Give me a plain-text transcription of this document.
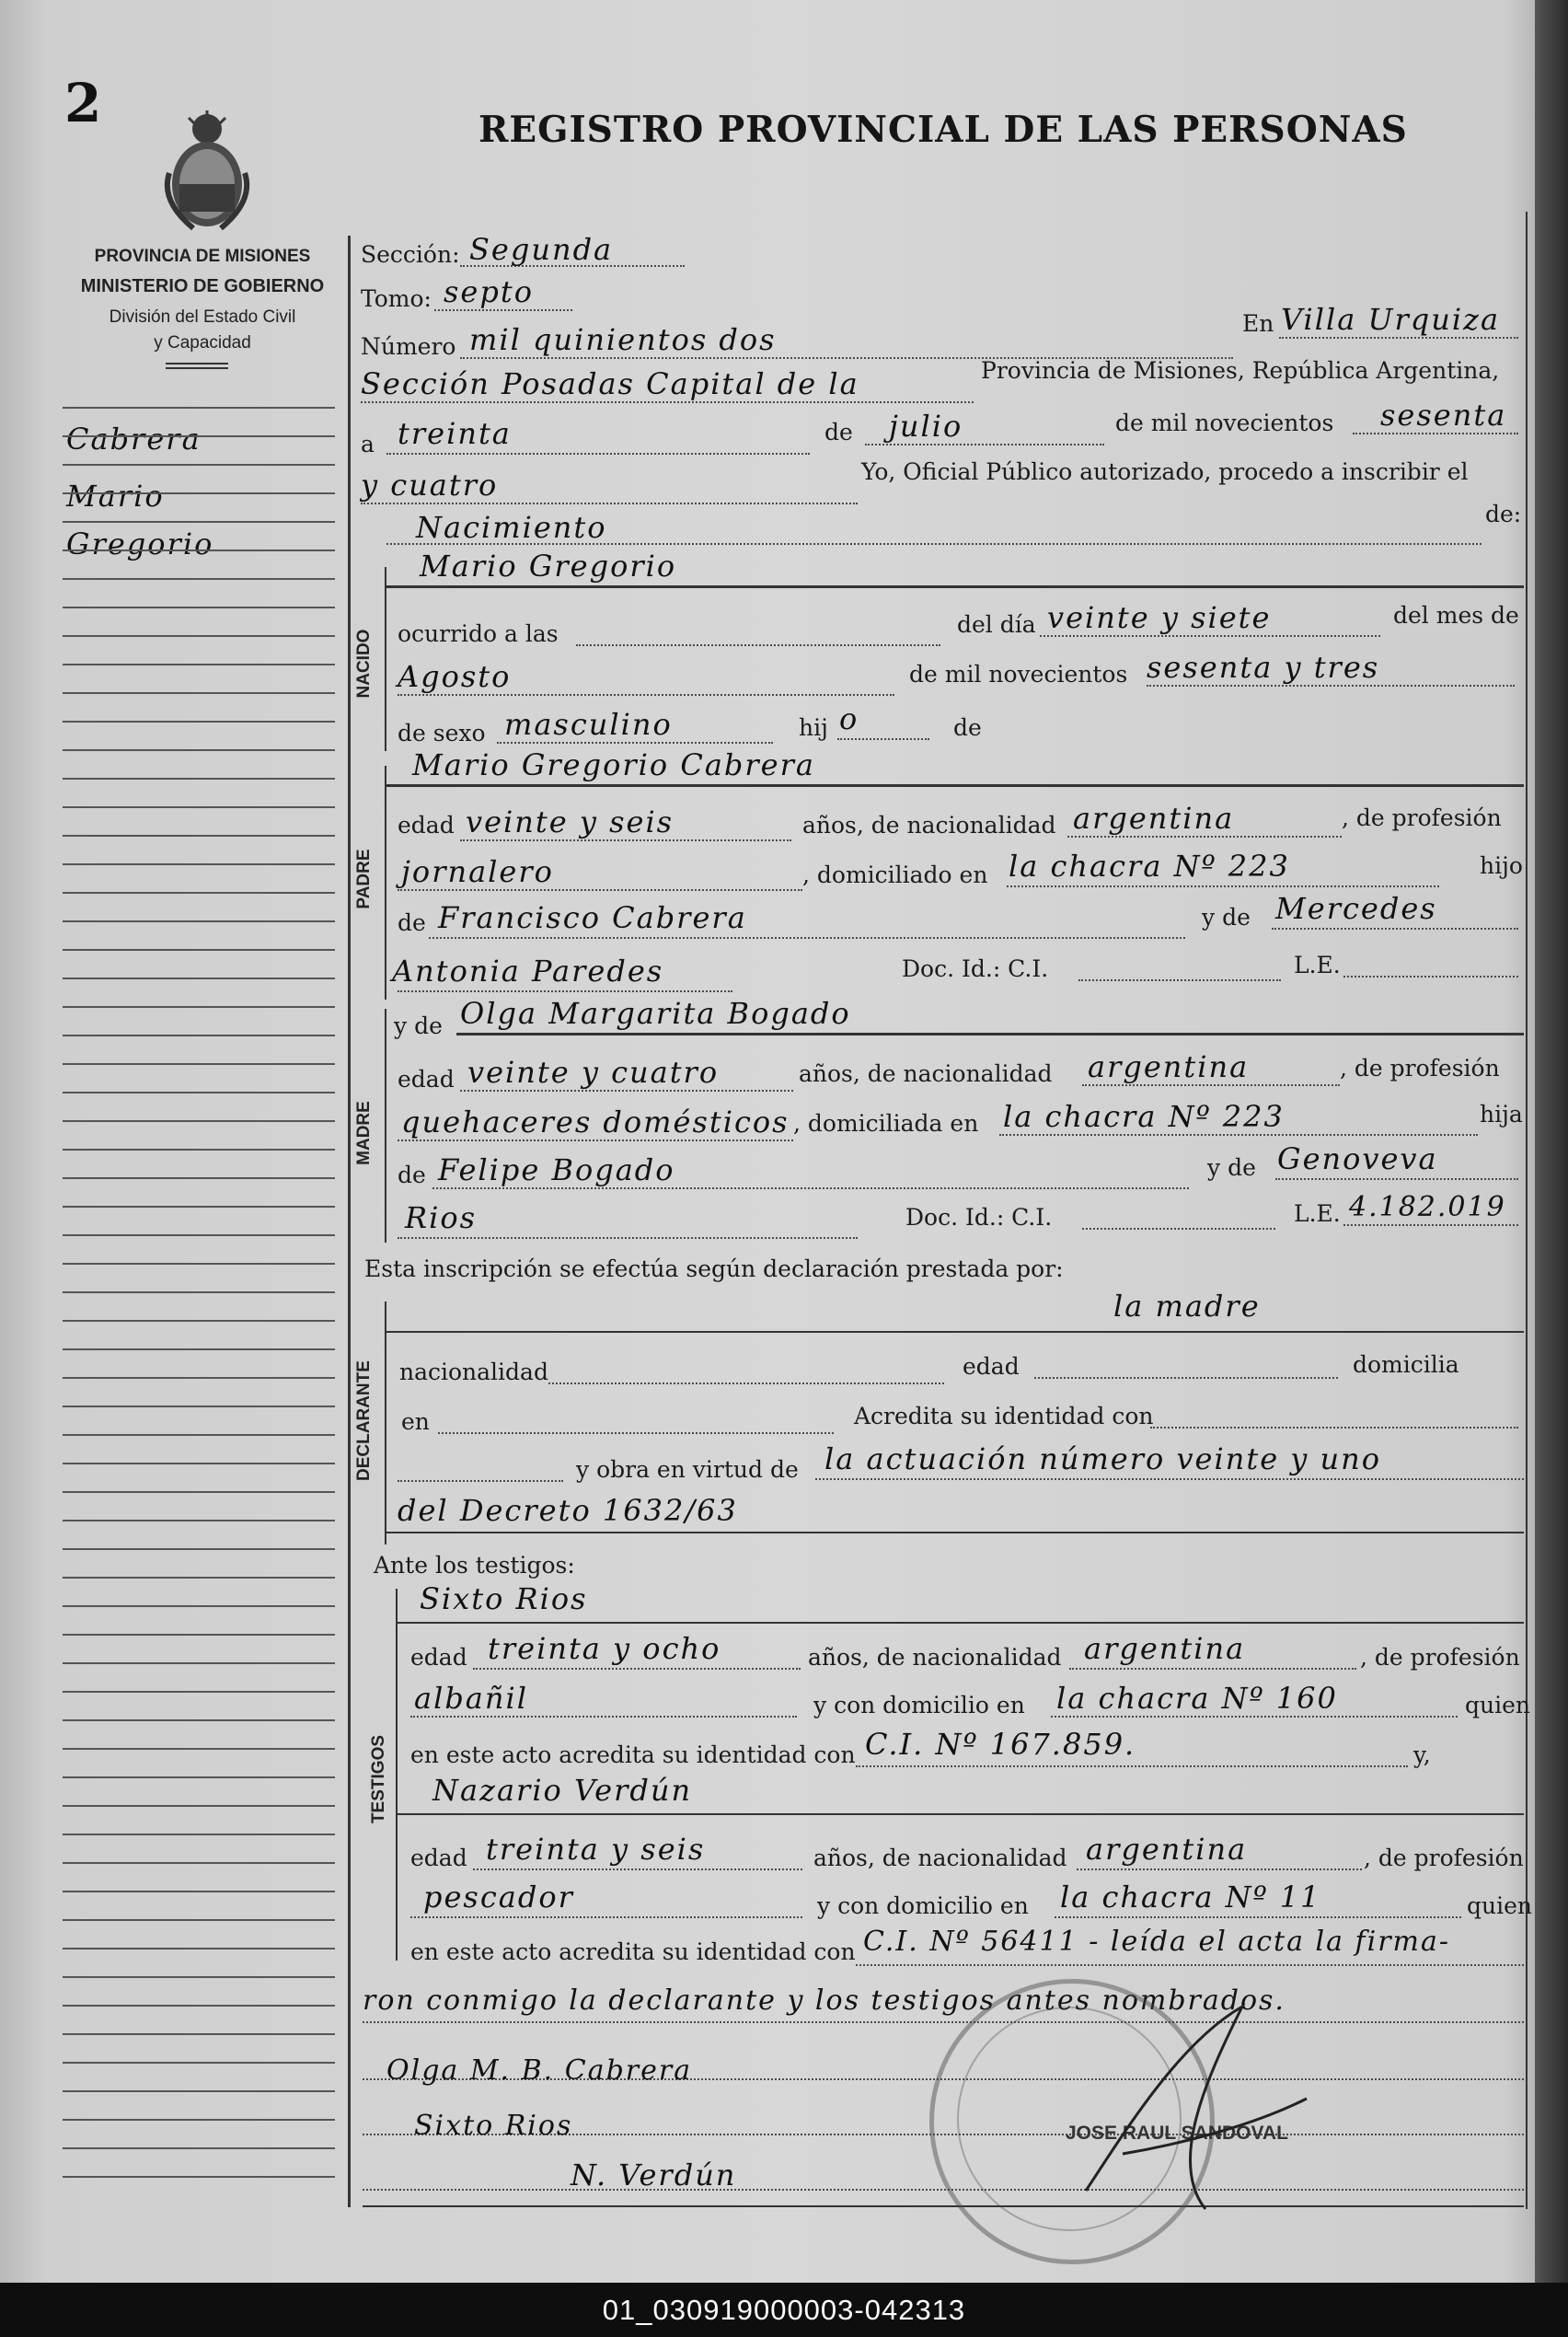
2	REGISTRO PROVINCIAL DE LAS PERSONAS
PROVINCIA DE MISIONES
MINISTERIO DE GOBIERNO
División del Estado Civil
y Capacidad
Cabrera
Mario
Gregorio
Sección: Segunda
Tomo: septo
Número mil quinientos dos	En Villa Urquiza
Sección Posadas Capital de la	Provincia de Misiones, República Argentina,
a treinta	de julio	de mil novecientos sesenta
y cuatro	Yo, Oficial Público autorizado, procedo a inscribir el
Nacimiento	de:
NACIDO
Mario Gregorio
ocurrido a las	del día veinte y siete	del mes de
Agosto	de mil novecientos sesenta y tres
de sexo masculino	hij o	de
PADRE
Mario Gregorio Cabrera
edad veinte y seis	años, de nacionalidad argentina	, de profesión
jornalero	, domiciliado en la chacra Nº 223	hijo
de Francisco Cabrera	y de Mercedes
Antonia Paredes	Doc. Id.: C.I.	L.E.
MADRE
y de Olga Margarita Bogado
edad veinte y cuatro	años, de nacionalidad argentina	, de profesión
quehaceres domésticos , domiciliada en la chacra Nº 223	hija
de Felipe Bogado	y de Genoveva
Rios	Doc. Id.: C.I.	L.E. 4.182.019
Esta inscripción se efectúa según declaración prestada por:
DECLARANTE
la madre
nacionalidad	edad	domicilia
en	Acredita su identidad con
y obra en virtud de la actuación número veinte y uno
del Decreto 1632/63
Ante los testigos:
TESTIGOS
Sixto Rios
edad treinta y ocho	años, de nacionalidad argentina	, de profesión
albañil	y con domicilio en la chacra Nº 160	quien
en este acto acredita su identidad con C.I. Nº 167.859.	y,
Nazario Verdún
edad treinta y seis	años, de nacionalidad argentina	, de profesión
pescador	y con domicilio en la chacra Nº 11	quien
en este acto acredita su identidad con C.I. Nº 56411 - leída el acta la firma-
ron conmigo la declarante y los testigos antes nombrados.
JOSE RAUL SANDOVAL
Olga M. B. Cabrera
Sixto Rios
N. Verdún
01_030919000003-042313
